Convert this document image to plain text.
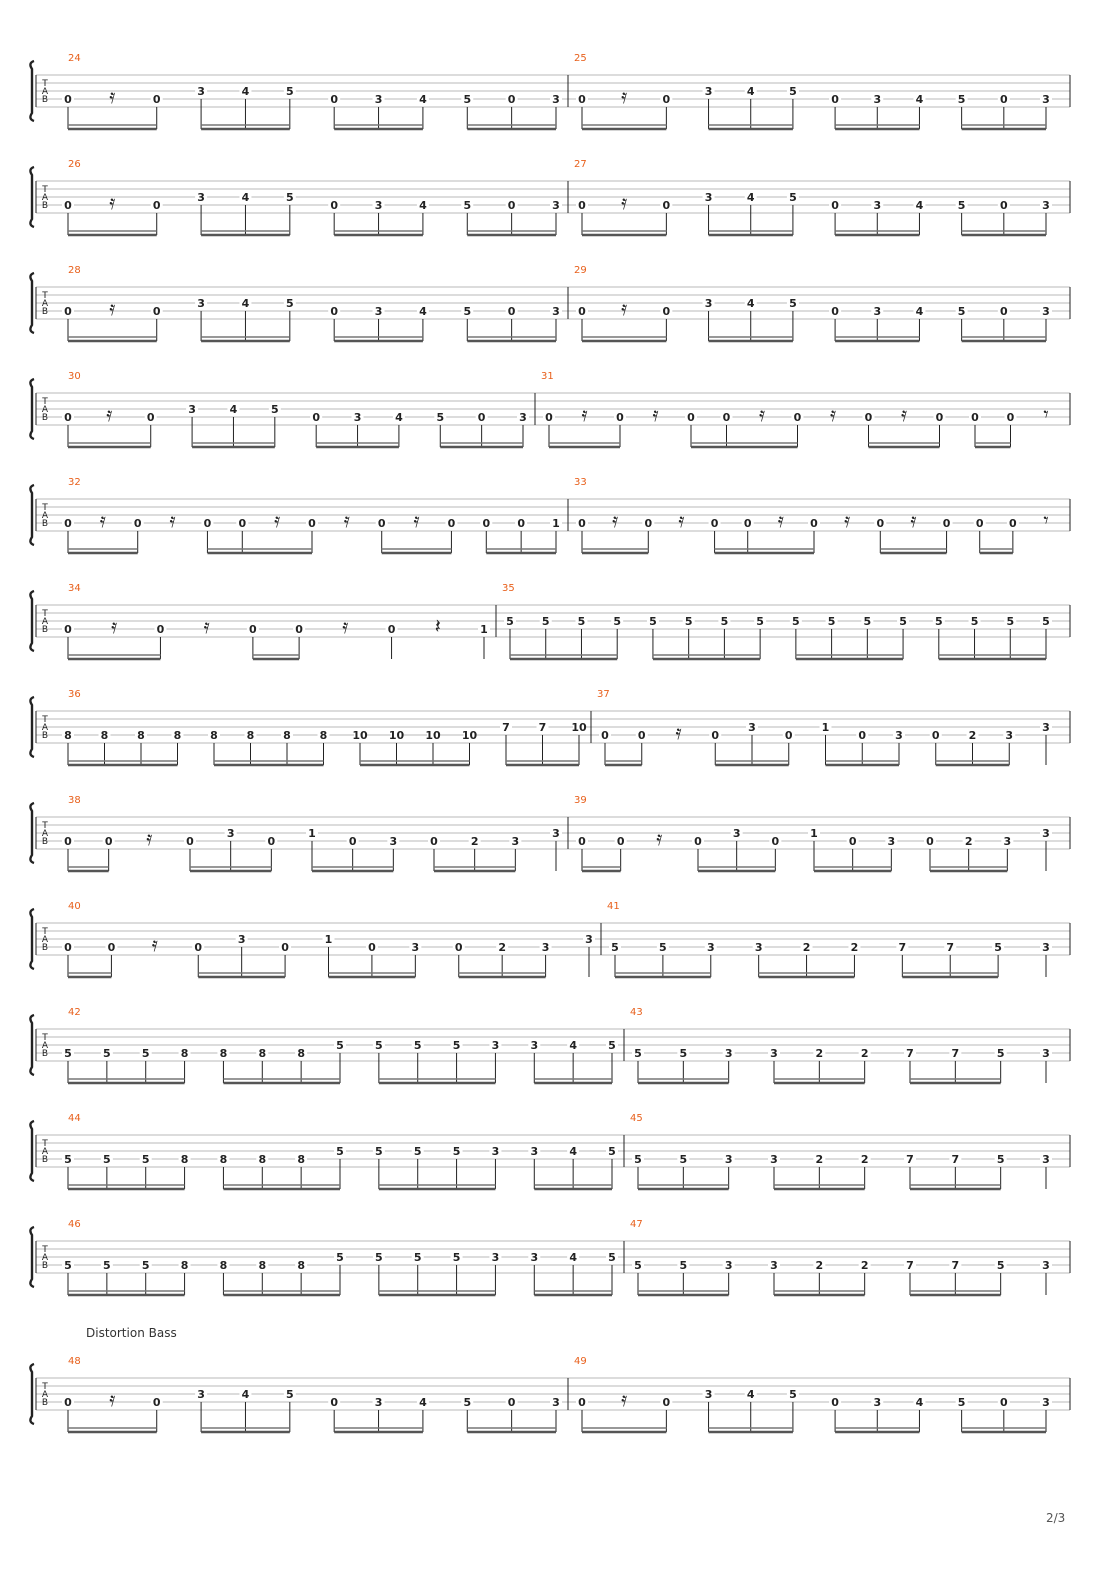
T
A
B
24
0 𝄿	0
3	4	5
0	3	4	5	0	3
25
0 𝄿	0
3	4	5
0	3	4	5	0	3
T
A
B
26
0 𝄿	0
3	4	5
0	3	4	5	0	3
27
0 𝄿	0
3	4	5
0	3	4	5	0	3
T
A
B
28
0 𝄿	0
3	4	5
0	3	4	5	0	3
29
0 𝄿	0
3	4	5
0	3	4	5	0	3
T
A
B
30
0 𝄿	0
3	4	5
0	3	4	5	0	3
31
0 𝄿	0 𝄿	0	0 𝄿	0 𝄿	0 𝄿	0	0	0 𝄾
T
A
B
32
0 𝄿	0 𝄿	0 0 𝄿	0 𝄿	0 𝄿	0 0 0 1
33
0 𝄿 0 𝄿 0 0 𝄿 0 𝄿 0 𝄿 0 0 0 𝄾
T
A
B
34
0 𝄿	0 𝄿	0	0 𝄿	0 𝄽	1
35
5	5	5	5	5	5	5	5	5	5	5	5	5	5	5	5
T
A
B
36
8	8	8	8	8	8	8	8 10 10 10 10
7	7 10
37
0	0 𝄿	0
3
0
1
0	3	0	2	3
3
T
A
B
38
0	0 𝄿	0
3
0
1
0	3	0	2	3
3
39
0	0 𝄿	0
3
0
1
0	3	0	2	3
3
T
A
B
40
0	0 𝄿	0
3
0
1
0	3	0	2	3
3
41
5	5	3	3	2	2	7	7	5	3
T
A
B
42
5	5	5	8	8	8	8
5	5	5	5	3	3	4	5
43
5	5	3	3	2	2	7	7	5	3
T
A
B
44
5	5	5	8	8	8	8
5	5	5	5	3	3	4	5
45
5	5	3	3	2	2	7	7	5	3
T
A
B
46
5	5	5	8	8	8	8
5	5	5	5	3	3	4	5
47
5	5	3	3	2	2	7	7	5	3
T
A
B
48
0 𝄿	0
3	4	5
0	3	4	5	0	3
49
0 𝄿	0
3	4	5
0	3	4	5	0	3
Distortion Bass
2/3
